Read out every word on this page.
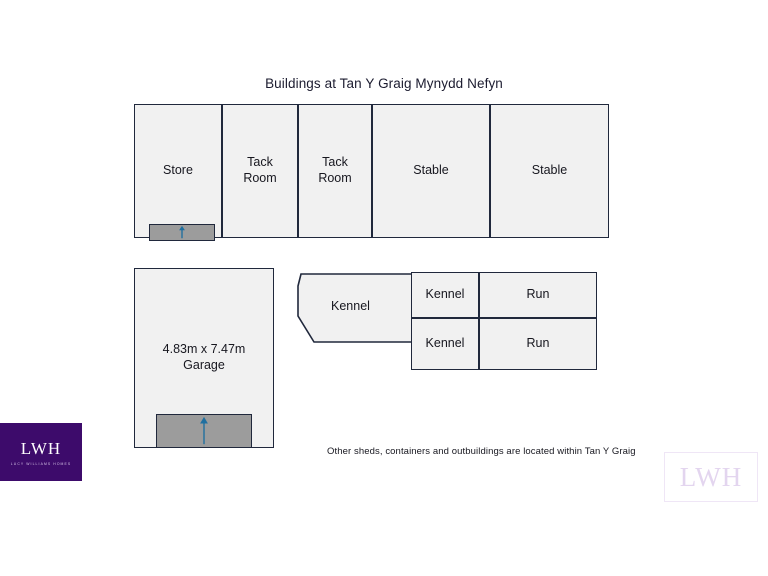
Buildings at Tan Y Graig Mynydd Nefyn
Store
Tack
Room
Tack
Room
Stable	Stable
4.83m x 7.47m
Garage
Kennel
Kennel	Run
Kennel	Run
Other sheds, containers and outbuildings are located within Tan Y Graig
LWH
LUCY WILLIAMS HOMES	LWH
